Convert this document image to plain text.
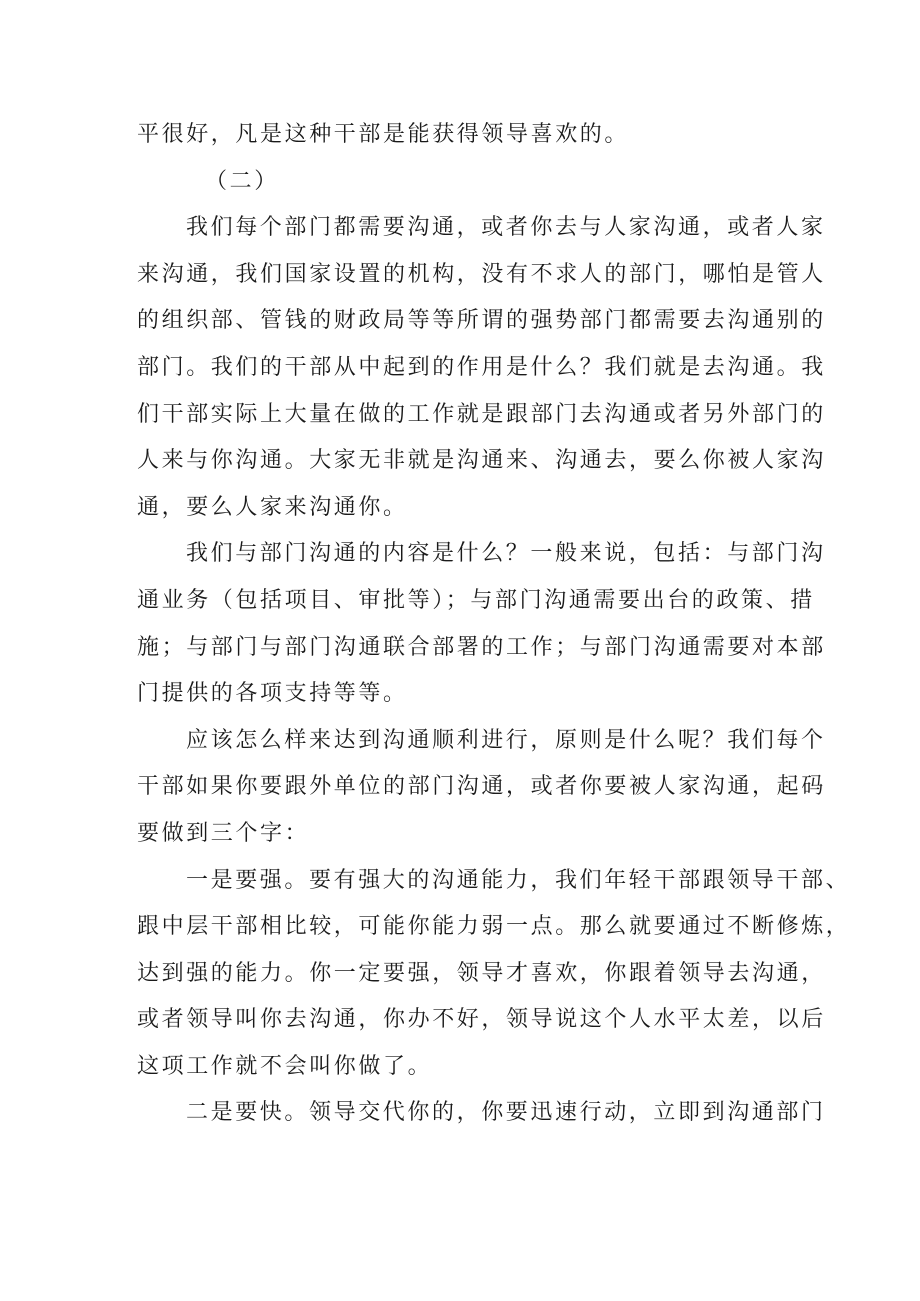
平很好，凡是这种干部是能获得领导喜欢的。
（二）
我们每个部门都需要沟通，或者你去与人家沟通，或者人家
来沟通，我们国家设置的机构，没有不求人的部门，哪怕是管人
的组织部、管钱的财政局等等所谓的强势部门都需要去沟通别的
部门。我们的干部从中起到的作用是什么？我们就是去沟通。我
们干部实际上大量在做的工作就是跟部门去沟通或者另外部门的
人来与你沟通。大家无非就是沟通来、沟通去，要么你被人家沟
通，要么人家来沟通你。
我们与部门沟通的内容是什么？一般来说，包括：与部门沟
通业务（包括项目、审批等）；与部门沟通需要出台的政策、措
施；与部门与部门沟通联合部署的工作；与部门沟通需要对本部
门提供的各项支持等等。
应该怎么样来达到沟通顺利进行，原则是什么呢？我们每个
干部如果你要跟外单位的部门沟通，或者你要被人家沟通，起码
要做到三个字：
一是要强。要有强大的沟通能力，我们年轻干部跟领导干部、
跟中层干部相比较，可能你能力弱一点。那么就要通过不断修炼，
达到强的能力。你一定要强，领导才喜欢，你跟着领导去沟通，
或者领导叫你去沟通，你办不好，领导说这个人水平太差，以后
这项工作就不会叫你做了。
二是要快。领导交代你的，你要迅速行动，立即到沟通部门
